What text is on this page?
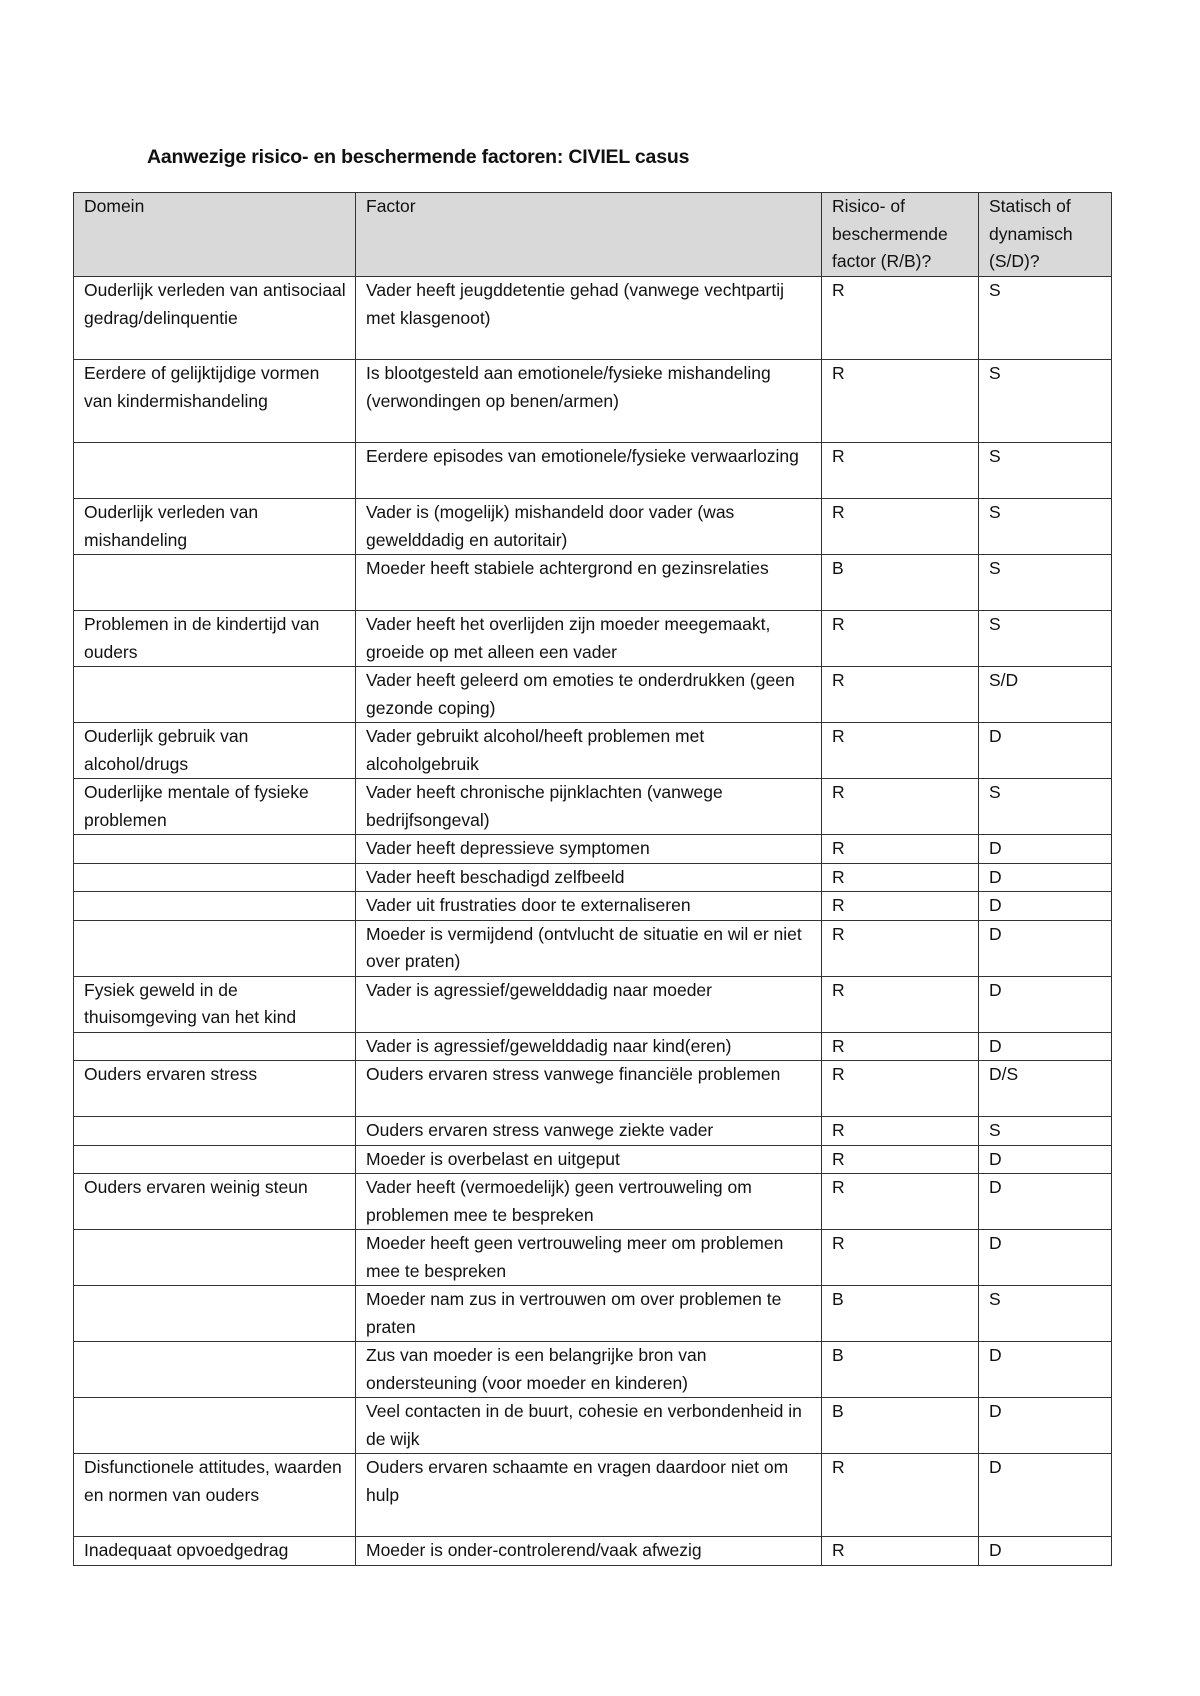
Aanwezige risico- en beschermende factoren: CIVIEL casus
Domein	Factor	Risico- of beschermende factor (R/B)?	Statisch of dynamisch (S/D)?
Ouderlijk verleden van antisociaal gedrag/delinquentie	Vader heeft jeugddetentie gehad (vanwege vechtpartij met klasgenoot)	R	S
Eerdere of gelijktijdige vormen van kindermishandeling	Is blootgesteld aan emotionele/fysieke mishandeling (verwondingen op benen/armen)	R	S
	Eerdere episodes van emotionele/fysieke verwaarlozing	R	S
Ouderlijk verleden van mishandeling	Vader is (mogelijk) mishandeld door vader (was gewelddadig en autoritair)	R	S
	Moeder heeft stabiele achtergrond en gezinsrelaties	B	S
Problemen in de kindertijd van ouders	Vader heeft het overlijden zijn moeder meegemaakt, groeide op met alleen een vader	R	S
	Vader heeft geleerd om emoties te onderdrukken (geen gezonde coping)	R	S/D
Ouderlijk gebruik van alcohol/drugs	Vader gebruikt alcohol/heeft problemen met alcoholgebruik	R	D
Ouderlijke mentale of fysieke problemen	Vader heeft chronische pijnklachten (vanwege bedrijfsongeval)	R	S
	Vader heeft depressieve symptomen	R	D
	Vader heeft beschadigd zelfbeeld	R	D
	Vader uit frustraties door te externaliseren	R	D
	Moeder is vermijdend (ontvlucht de situatie en wil er niet over praten)	R	D
Fysiek geweld in de thuisomgeving van het kind	Vader is agressief/gewelddadig naar moeder	R	D
	Vader is agressief/gewelddadig naar kind(eren)	R	D
Ouders ervaren stress	Ouders ervaren stress vanwege financiële problemen	R	D/S
	Ouders ervaren stress vanwege ziekte vader	R	S
	Moeder is overbelast en uitgeput	R	D
Ouders ervaren weinig steun	Vader heeft (vermoedelijk) geen vertrouweling om problemen mee te bespreken	R	D
	Moeder heeft geen vertrouweling meer om problemen mee te bespreken	R	D
	Moeder nam zus in vertrouwen om over problemen te praten	B	S
	Zus van moeder is een belangrijke bron van ondersteuning (voor moeder en kinderen)	B	D
	Veel contacten in de buurt, cohesie en verbondenheid in de wijk	B	D
Disfunctionele attitudes, waarden en normen van ouders	Ouders ervaren schaamte en vragen daardoor niet om hulp	R	D
Inadequaat opvoedgedrag	Moeder is onder-controlerend/vaak afwezig	R	D
